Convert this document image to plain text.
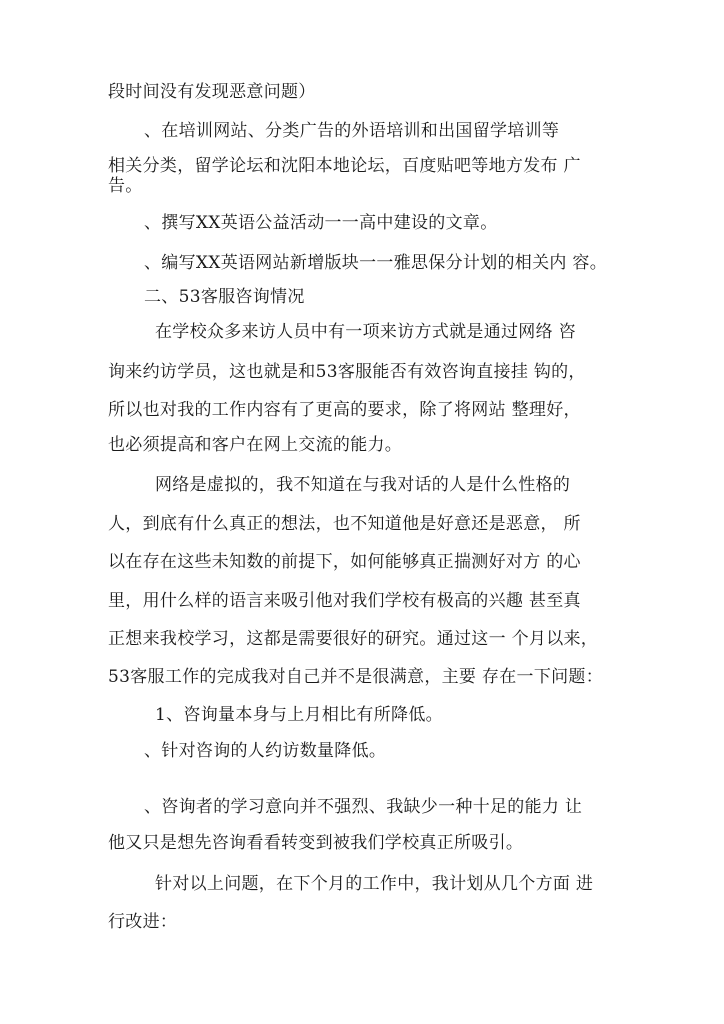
段时间没有发现恶意问题）
、在培训网站、分类广告的外语培训和出国留学培训等
相关分类，留学论坛和沈阳本地论坛，百度贴吧等地方发布 广
告。
、撰写XX英语公益活动一一高中建设的文章。
、编写XX英语网站新增版块一一雅思保分计划的相关内 容。
二、53客服咨询情况
在学校众多来访人员中有一项来访方式就是通过网络 咨
询来约访学员，这也就是和53客服能否有效咨询直接挂 钩的，
所以也对我的工作内容有了更高的要求，除了将网站 整理好，
也必须提高和客户在网上交流的能力。
网络是虚拟的，我不知道在与我对话的人是什么性格的
人，到底有什么真正的想法，也不知道他是好意还是恶意， 所
以在存在这些未知数的前提下，如何能够真正揣测好对方 的心
里，用什么样的语言来吸引他对我们学校有极高的兴趣 甚至真
正想来我校学习，这都是需要很好的研究。通过这一 个月以来，
53客服工作的完成我对自己并不是很满意，主要 存在一下问题：
1、咨询量本身与上月相比有所降低。
、针对咨询的人约访数量降低。
、咨询者的学习意向并不强烈、我缺少一种十足的能力 让
他又只是想先咨询看看转变到被我们学校真正所吸引。
针对以上问题，在下个月的工作中，我计划从几个方面 进
行改进：
